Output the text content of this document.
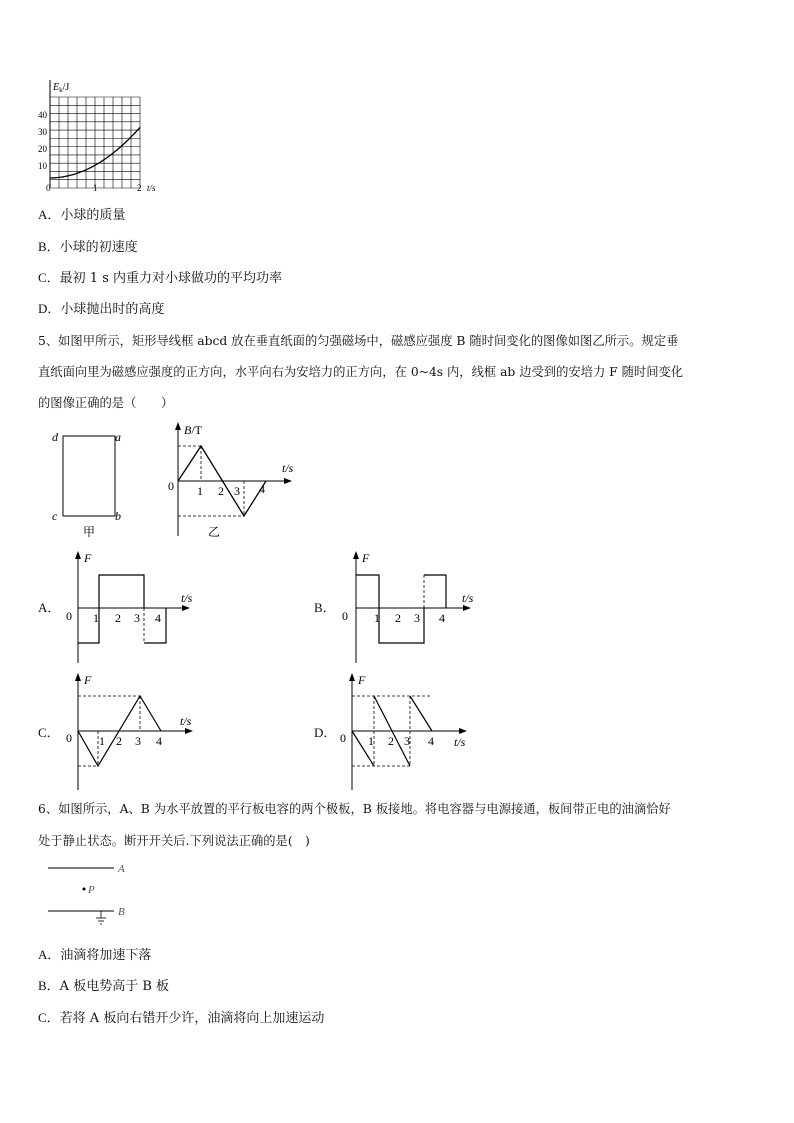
$E_k/J$
40
30
20
10
0	1	2 t/s
A．小球的质量
B．小球的初速度
C．最初 1 s 内重力对小球做功的平均功率
D．小球抛出时的高度
5、如图甲所示，矩形导线框 abcd 放在垂直纸面的匀强磁场中，磁感应强度 B 随时间变化的图像如图乙所示。规定垂
直纸面向里为磁感应强度的正方向，水平向右为安培力的正方向，在 0~4s 内，线框 ab 边受到的安培力 F 随时间变化
的图像正确的是（　　）
d	a
c	b
甲
B/T
t/s
0 1 2 3 4
乙
A．	B．
C．	D．
F
t/s
0 1 2 3 4
F
t/s
0 1 2 3 4
F
t/s
0 1 2 3 4
F
t/s
0 1 2 3 4
6、如图所示，A、B 为水平放置的平行板电容的两个极板，B 板接地。将电容器与电源接通，板间带正电的油滴恰好
处于静止状态。断开开关后.下列说法正确的是(　)
A
P
B
A．油滴将加速下落
B．A 板电势高于 B 板
C．若将 A 板向右错开少许，油滴将向上加速运动
